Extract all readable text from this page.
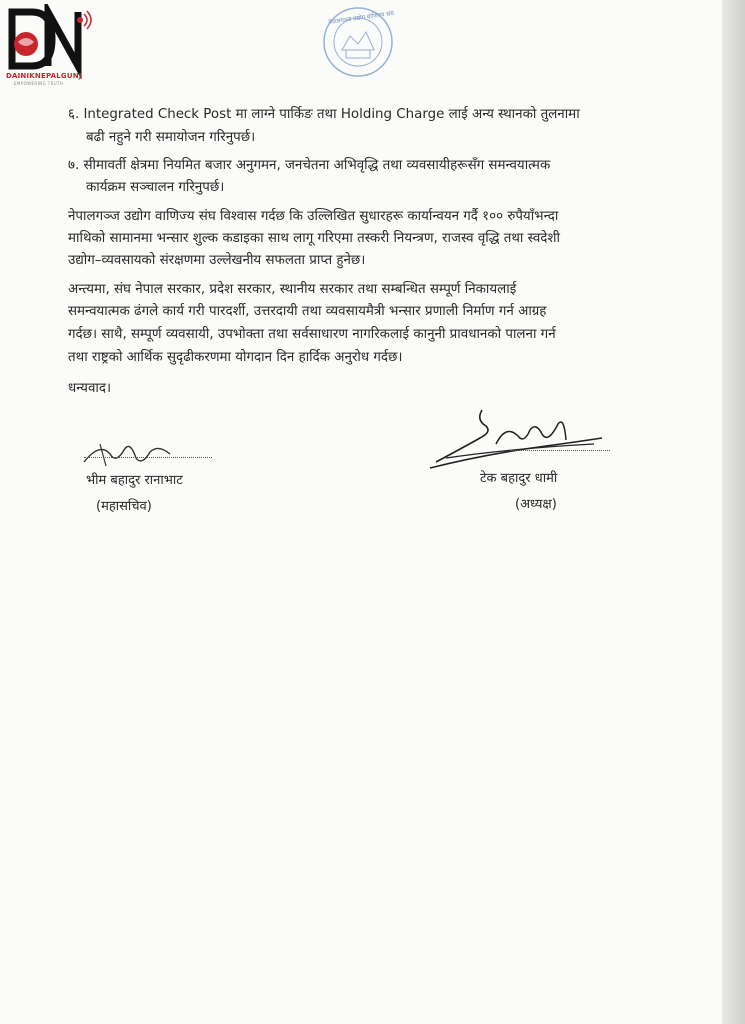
DAINIKNEPALGUNJ
EMPOWERING TRUTH
नेपालगञ्ज उद्योग वाणिज्य संघ
६. Integrated Check Post मा लाग्ने पार्किङ तथा Holding Charge लाई अन्य स्थानको तुलनामा
बढी नहुने गरी समायोजन गरिनुपर्छ।
७. सीमावर्ती क्षेत्रमा नियमित बजार अनुगमन, जनचेतना अभिवृद्धि तथा व्यवसायीहरूसँग समन्वयात्मक
कार्यक्रम सञ्चालन गरिनुपर्छ।
नेपालगञ्ज उद्योग वाणिज्य संघ विश्वास गर्दछ कि उल्लिखित सुधारहरू कार्यान्वयन गर्दै १०० रुपैयाँभन्दा
माथिको सामानमा भन्सार शुल्क कडाइका साथ लागू गरिएमा तस्करी नियन्त्रण, राजस्व वृद्धि तथा स्वदेशी
उद्योग–व्यवसायको संरक्षणमा उल्लेखनीय सफलता प्राप्त हुनेछ।
अन्त्यमा, संघ नेपाल सरकार, प्रदेश सरकार, स्थानीय सरकार तथा सम्बन्धित सम्पूर्ण निकायलाई
समन्वयात्मक ढंगले कार्य गरी पारदर्शी, उत्तरदायी तथा व्यवसायमैत्री भन्सार प्रणाली निर्माण गर्न आग्रह
गर्दछ। साथै, सम्पूर्ण व्यवसायी, उपभोक्ता तथा सर्वसाधारण नागरिकलाई कानुनी प्रावधानको पालना गर्न
तथा राष्ट्रको आर्थिक सुदृढीकरणमा योगदान दिन हार्दिक अनुरोध गर्दछ।
धन्यवाद।
भीम बहादुर रानाभाट
(महासचिव)
टेक बहादुर धामी
(अध्यक्ष)
